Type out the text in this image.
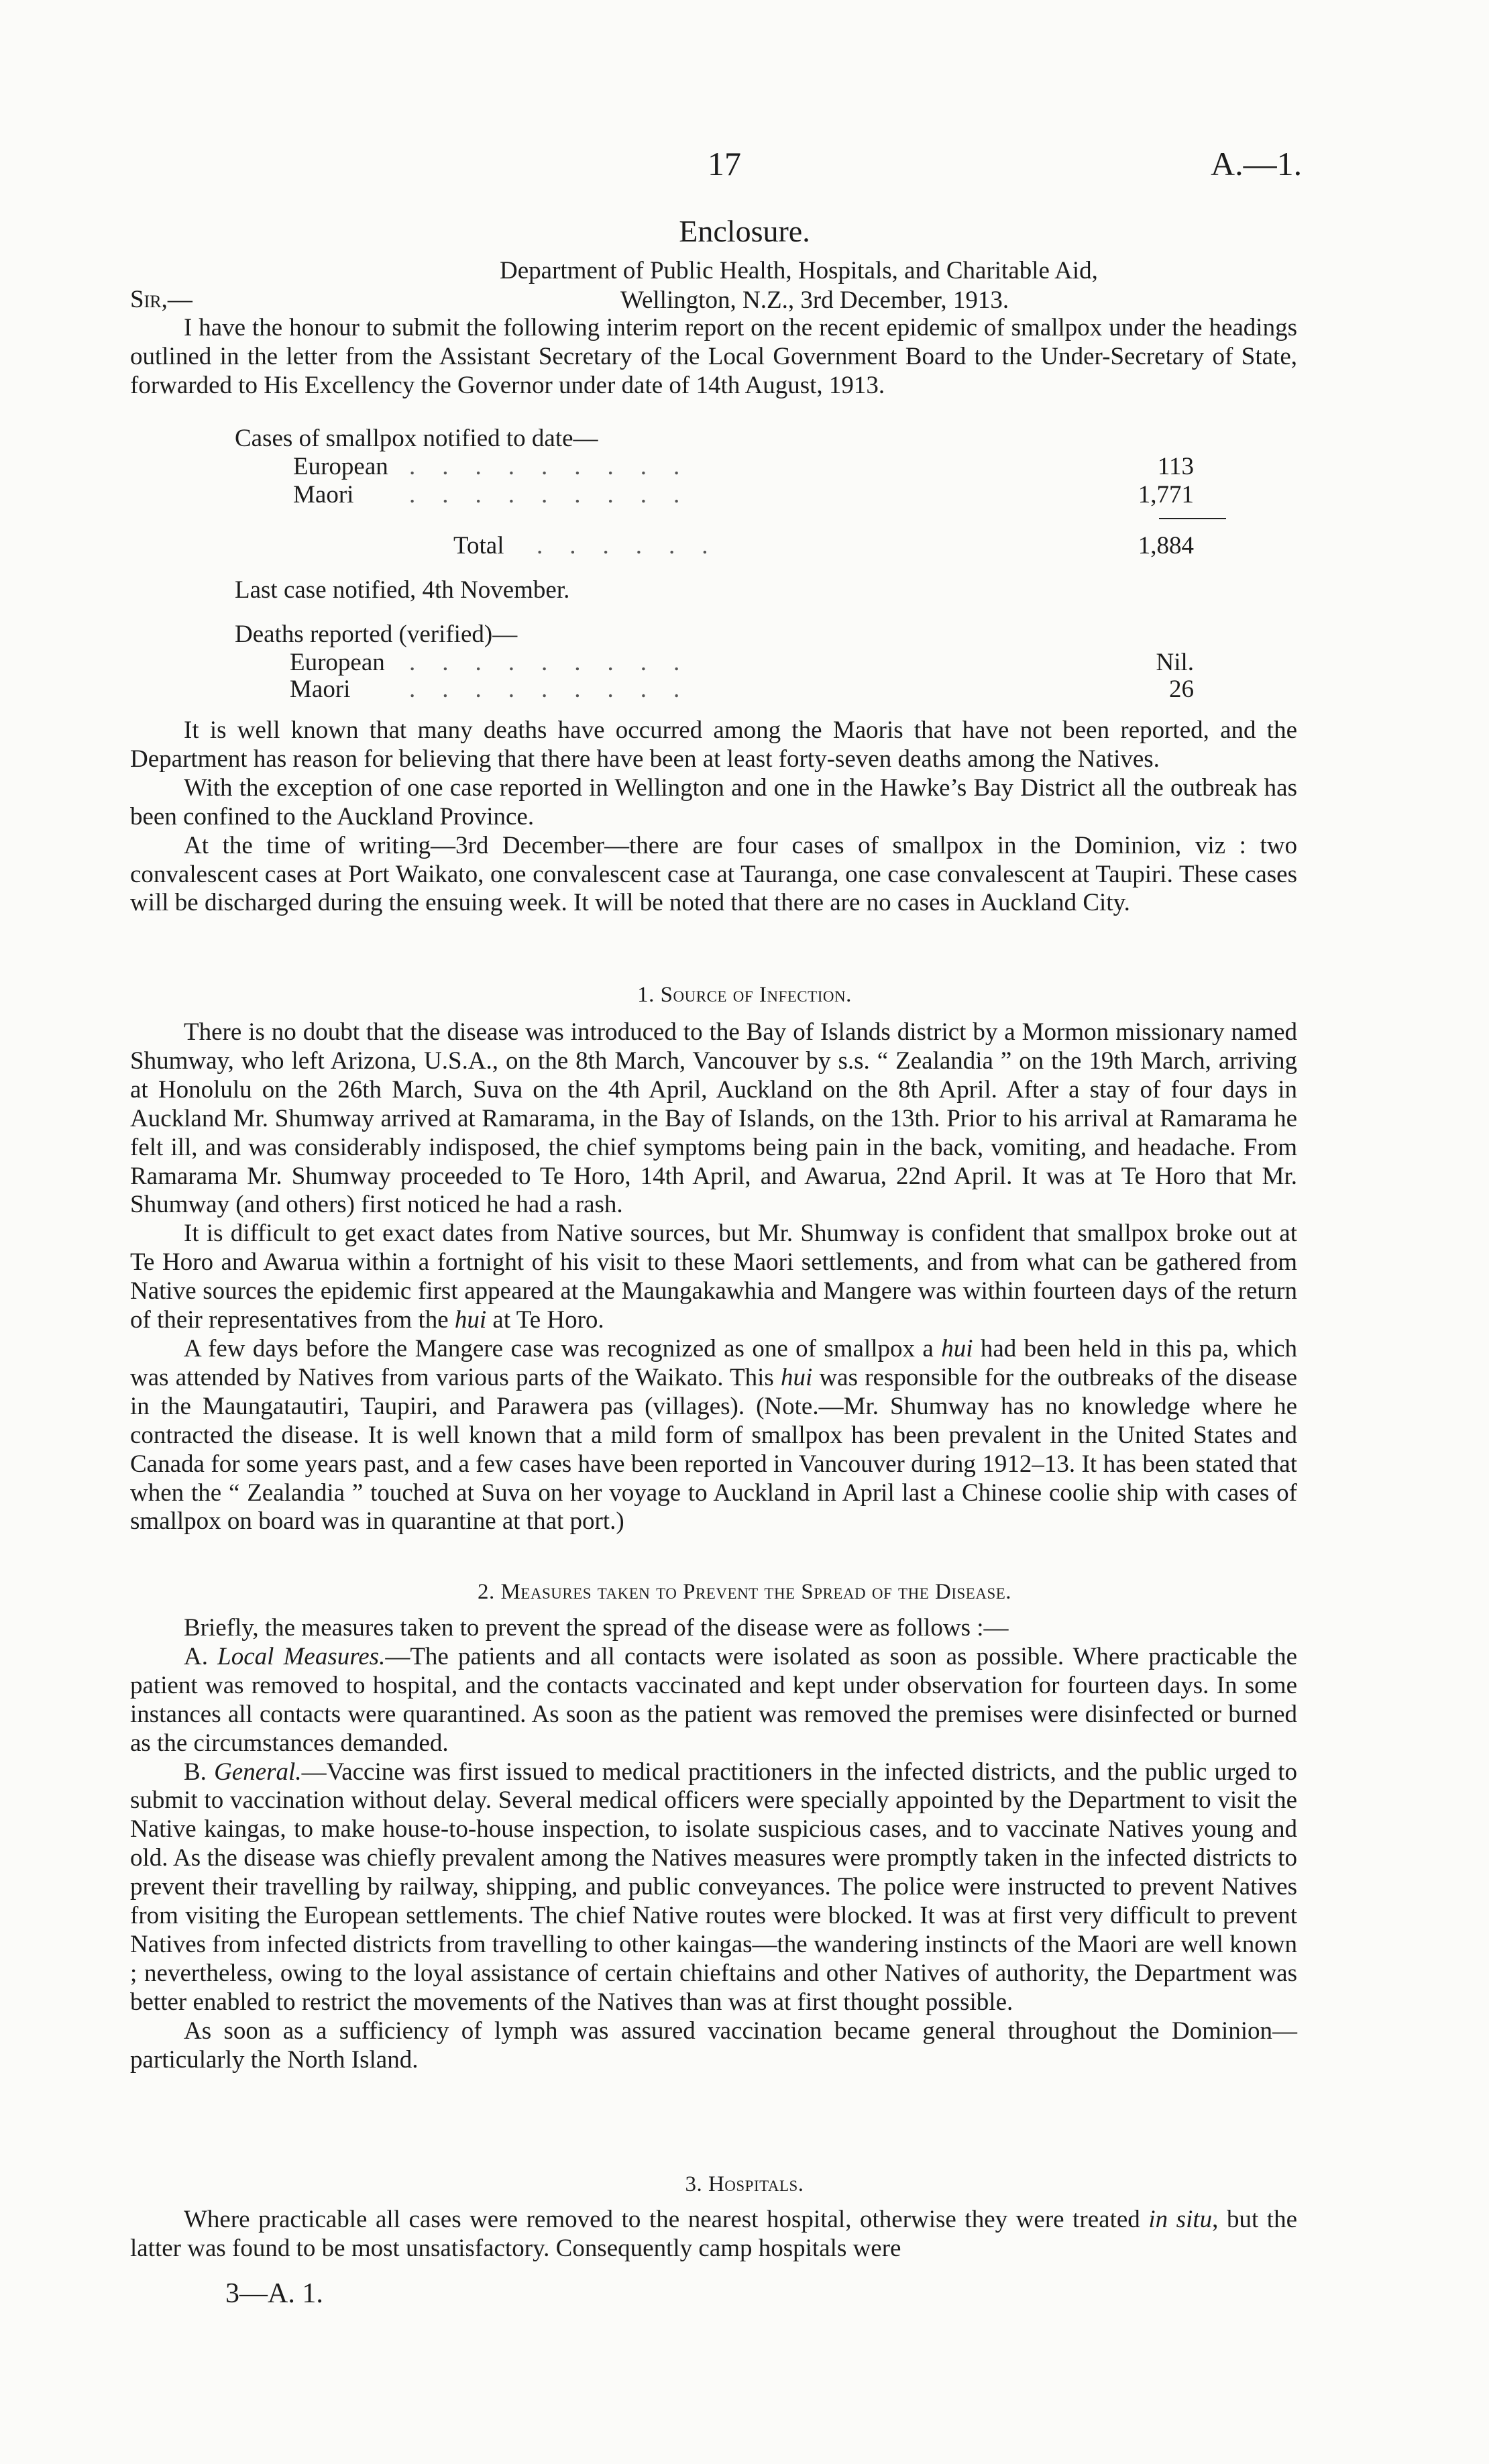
17	A.—1.
Enclosure.
Department of Public Health, Hospitals, and Charitable Aid,
Wellington, N.Z., 3rd December, 1913.
Sir,—

I have the honour to submit the following interim report on the recent epidemic of smallpox under the headings outlined in the letter from the Assistant Secretary of the Local Government Board to the Under-Secretary of State, forwarded to His Excellency the Governor under date of 14th August, 1913.

Cases of smallpox notified to date—
European .........	113
Maori .........	1,771
Total ......	1,884
Last case notified, 4th November.
Deaths reported (verified)—
European .........	Nil.
Maori .........	26

It is well known that many deaths have occurred among the Maoris that have not been reported, and the Department has reason for believing that there have been at least forty-seven deaths among the Natives.

With the exception of one case reported in Wellington and one in the Hawke’s Bay District all the outbreak has been confined to the Auckland Province.

At the time of writing—3rd December—there are four cases of smallpox in the Dominion, viz : two convalescent cases at Port Waikato, one convalescent case at Tauranga, one case convalescent at Taupiri. These cases will be discharged during the ensuing week. It will be noted that there are no cases in Auckland City.

1. Source of Infection.

There is no doubt that the disease was introduced to the Bay of Islands district by a Mormon missionary named Shumway, who left Arizona, U.S.A., on the 8th March, Vancouver by s.s. “ Zealandia ” on the 19th March, arriving at Honolulu on the 26th March, Suva on the 4th April, Auckland on the 8th April. After a stay of four days in Auckland Mr. Shumway arrived at Ramarama, in the Bay of Islands, on the 13th. Prior to his arrival at Ramarama he felt ill, and was considerably indisposed, the chief symptoms being pain in the back, vomiting, and headache. From Ramarama Mr. Shumway proceeded to Te Horo, 14th April, and Awarua, 22nd April. It was at Te Horo that Mr. Shumway (and others) first noticed he had a rash.

It is difficult to get exact dates from Native sources, but Mr. Shumway is confident that smallpox broke out at Te Horo and Awarua within a fortnight of his visit to these Maori settlements, and from what can be gathered from Native sources the epidemic first appeared at the Maungakawhia and Mangere was within fourteen days of the return of their representatives from the hui at Te Horo.

A few days before the Mangere case was recognized as one of smallpox a hui had been held in this pa, which was attended by Natives from various parts of the Waikato. This hui was responsible for the outbreaks of the disease in the Maungatautiri, Taupiri, and Parawera pas (villages). (Note.—Mr. Shumway has no knowledge where he contracted the disease. It is well known that a mild form of smallpox has been prevalent in the United States and Canada for some years past, and a few cases have been reported in Vancouver during 1912–13. It has been stated that when the “ Zealandia ” touched at Suva on her voyage to Auckland in April last a Chinese coolie ship with cases of smallpox on board was in quarantine at that port.)

2. Measures taken to Prevent the Spread of the Disease.

Briefly, the measures taken to prevent the spread of the disease were as follows :—

A. Local Measures.—The patients and all contacts were isolated as soon as possible. Where practicable the patient was removed to hospital, and the contacts vaccinated and kept under observation for fourteen days. In some instances all contacts were quarantined. As soon as the patient was removed the premises were disinfected or burned as the circumstances demanded.

B. General.—Vaccine was first issued to medical practitioners in the infected districts, and the public urged to submit to vaccination without delay. Several medical officers were specially appointed by the Department to visit the Native kaingas, to make house-to-house inspection, to isolate suspicious cases, and to vaccinate Natives young and old. As the disease was chiefly prevalent among the Natives measures were promptly taken in the infected districts to prevent their travelling by railway, shipping, and public conveyances. The police were instructed to prevent Natives from visiting the European settlements. The chief Native routes were blocked. It was at first very difficult to prevent Natives from infected districts from travelling to other kaingas—the wandering instincts of the Maori are well known ; nevertheless, owing to the loyal assistance of certain chieftains and other Natives of authority, the Department was better enabled to restrict the movements of the Natives than was at first thought possible.

As soon as a sufficiency of lymph was assured vaccination became general throughout the Dominion—particularly the North Island.

3. Hospitals.

Where practicable all cases were removed to the nearest hospital, otherwise they were treated in situ, but the latter was found to be most unsatisfactory. Consequently camp hospitals were

3—A. 1.
